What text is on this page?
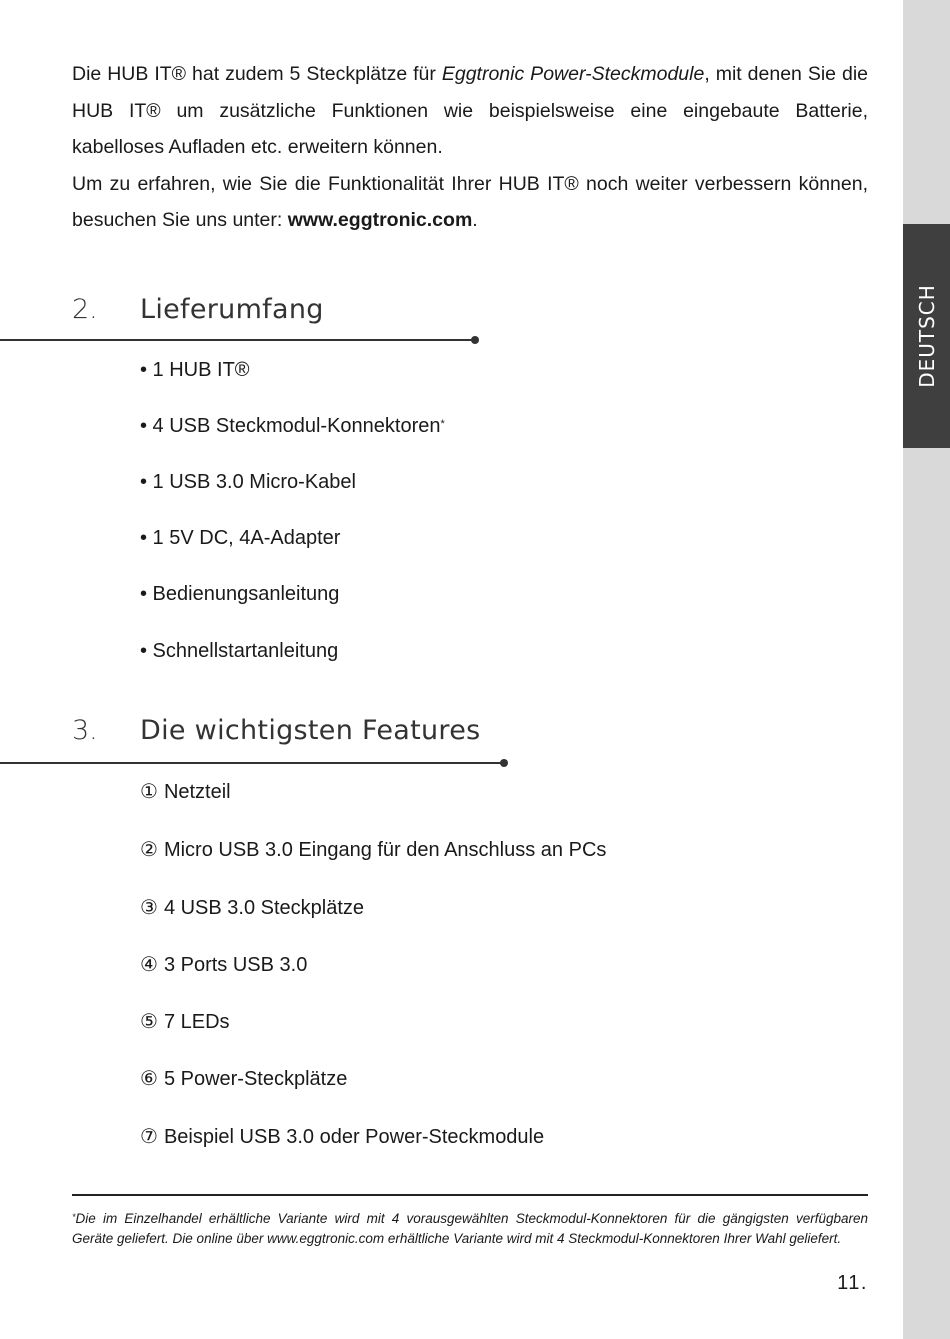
DEUTSCH

Die HUB IT® hat zudem 5 Steckplätze für Eggtronic Power-Steckmodule, mit denen Sie die HUB IT® um zusätzliche Funktionen wie beispielsweise eine eingebaute Batterie, kabelloses Aufladen etc. erweitern können.

Um zu erfahren, wie Sie die Funktionalität Ihrer HUB IT® noch weiter verbessern können, besuchen Sie uns unter: www.eggtronic.com.

2. Lieferumfang
• 1 HUB IT®
• 4 USB Steckmodul-Konnektoren*
• 1 USB 3.0 Micro-Kabel
• 1 5V DC, 4A-Adapter
• Bedienungsanleitung
• Schnellstartanleitung
3. Die wichtigsten Features
① Netzteil
② Micro USB 3.0 Eingang für den Anschluss an PCs
③ 4 USB 3.0 Steckplätze
④ 3 Ports USB 3.0
⑤ 7 LEDs
⑥ 5 Power-Steckplätze
⑦ Beispiel USB 3.0 oder Power-Steckmodule

*Die im Einzelhandel erhältliche Variante wird mit 4 vorausgewählten Steckmodul-Konnektoren für die gängigsten verfügbaren Geräte geliefert. Die online über www.eggtronic.com erhältliche Variante wird mit 4 Steckmodul-Konnektoren Ihrer Wahl geliefert.

11.
